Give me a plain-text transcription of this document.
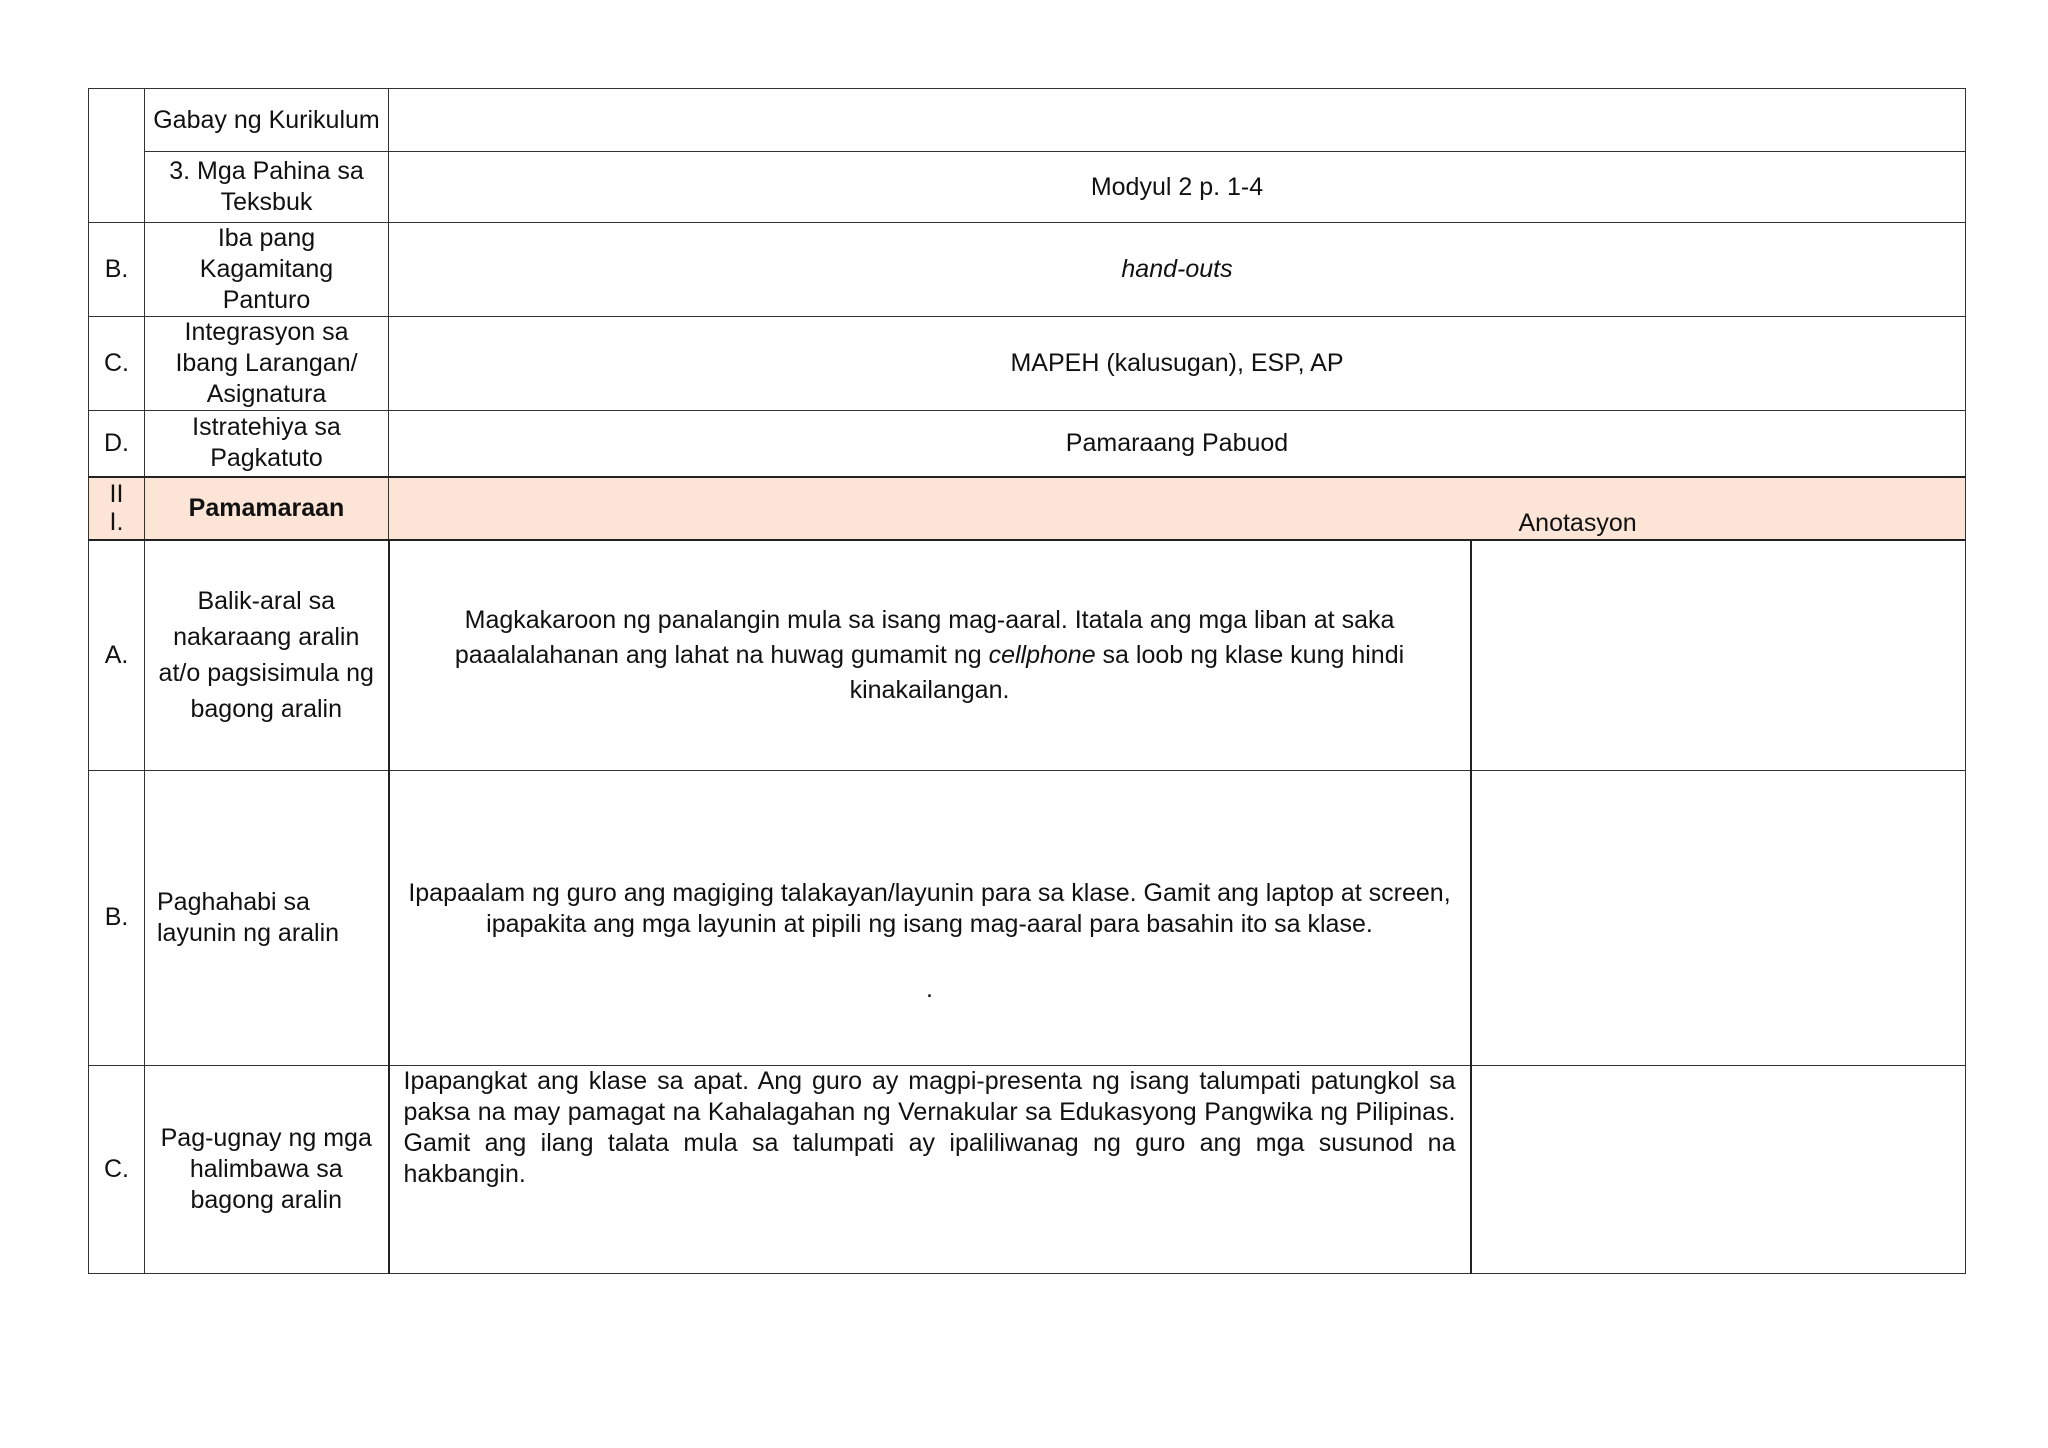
	Gabay ng Kurikulum		
	3. Mga Pahina sa Teksbuk	Modyul 2 p. 1-4	
B.	Iba pang Kagamitang Panturo	hand-outs	
C.	Integrasyon sa Ibang Larangan/ Asignatura	MAPEH (kalusugan), ESP, AP	
D.	Istratehiya sa Pagkatuto	Pamaraang Pabuod	
III.	Pamamaraan		Anotasyon
A.	Balik-aral sa nakaraang aralin at/o pagsisimula ng bagong aralin	Magkakaroon ng panalangin mula sa isang mag-aaral. Itatala ang mga liban at saka paaalalahanan ang lahat na huwag gumamit ng cellphone sa loob ng klase kung hindi kinakailangan.	
B.	Paghahabi sa layunin ng aralin	Ipapaalam ng guro ang magiging talakayan/layunin para sa klase. Gamit ang laptop at screen, ipapakita ang mga layunin at pipili ng isang mag-aaral para basahin ito sa klase.
.	

C.	Pag-ugnay ng mga halimbawa sa bagong aralin	Ipapangkat ang klase sa apat. Ang guro ay magpi-presenta ng isang talumpati patungkol sa paksa na may pamagat na Kahalagahan ng Vernakular sa Edukasyong Pangwika ng Pilipinas. Gamit ang ilang talata mula sa talumpati ay ipaliliwanag ng guro ang mga susunod na hakbangin.	
